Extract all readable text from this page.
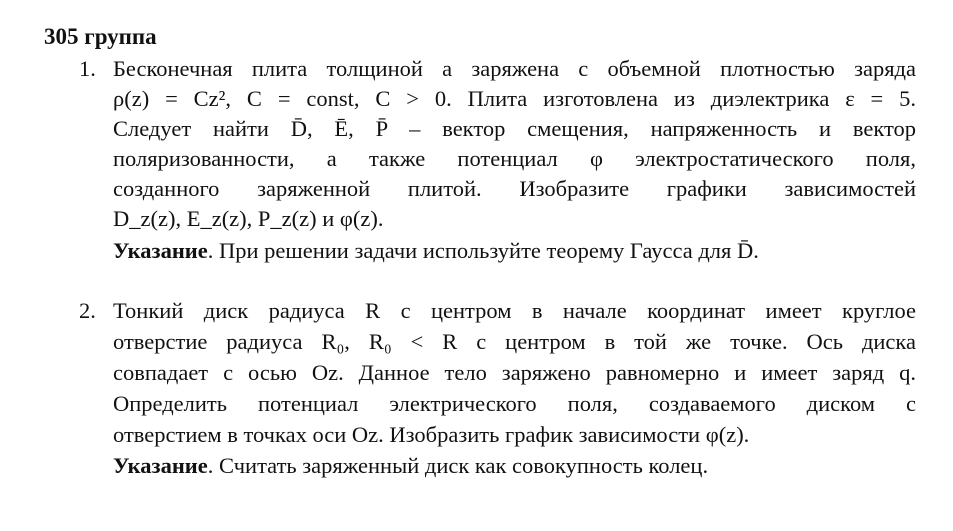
305 группа
1. Бесконечная плита толщиной a заряжена с объемной плотностью заряда
ρ(z) = Cz², C = const, C > 0. Плита изготовлена из диэлектрика ε = 5.
Следует найти D̄, Ē, P̄ – вектор смещения, напряженность и вектор
поляризованности, а также потенциал φ электростатического поля,
созданного заряженной плитой. Изобразите графики зависимостей
D_z(z), E_z(z), P_z(z) и φ(z).
Указание. При решении задачи используйте теорему Гаусса для D̄.
2. Тонкий диск радиуса R с центром в начале координат имеет круглое
отверстие радиуса R₀, R₀ < R с центром в той же точке. Ось диска
совпадает с осью Oz. Данное тело заряжено равномерно и имеет заряд q.
Определить потенциал электрического поля, создаваемого диском с
отверстием в точках оси Oz. Изобразить график зависимости φ(z).
Указание. Считать заряженный диск как совокупность колец.
